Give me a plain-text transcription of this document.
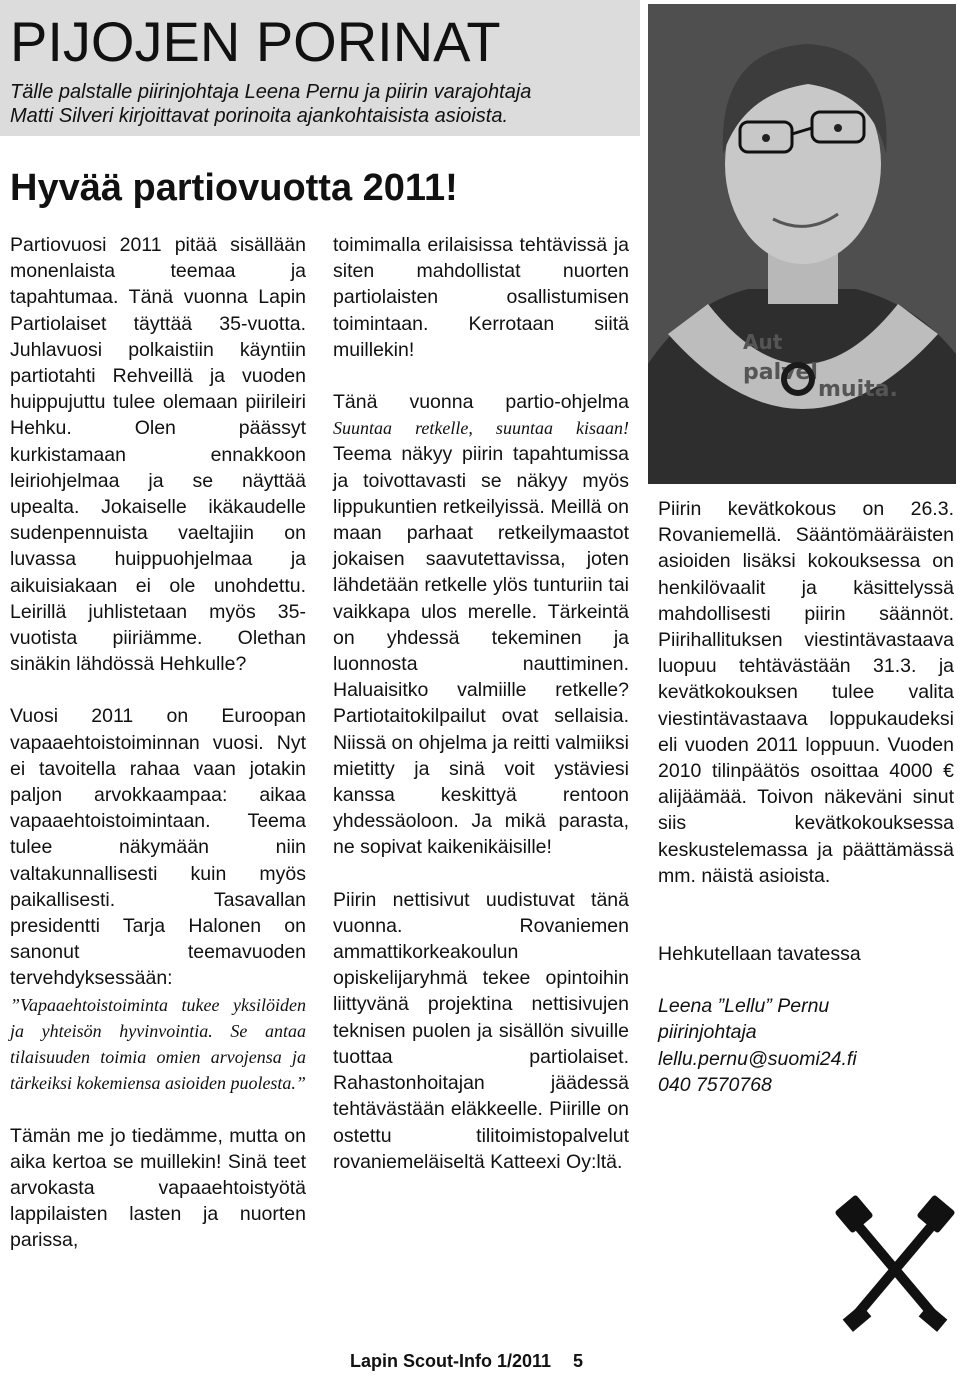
PIJOJEN PORINAT
Tälle palstalle piirinjohtaja Leena Pernu ja piirin varajohtaja
Matti Silveri kirjoittavat porinoita ajankohtaisista asioista.
Aut
palvel
muita.
Hyvää partiovuotta 2011!

Partiovuosi 2011 pitää sisällään monenlaista teemaa ja tapahtumaa. Tänä vuonna Lapin Partiolaiset täyttää 35-vuotta. Juhlavuosi polkaistiin käyntiin partiotahti Rehveillä ja vuoden huippujuttu tulee olemaan piirileiri Hehku. Olen päässyt kurkistamaan ennakkoon leiriohjelmaa ja se näyttää upealta. Jokaiselle ikäkaudelle sudenpennuista vaeltajiin on luvassa huippuohjelmaa ja aikuisiakaan ei ole unohdettu. Leirillä juhlistetaan myös 35-vuotista piiriämme. Olethan sinäkin lähdössä Hehkulle?

Vuosi 2011 on Euroopan vapaaehtoistoiminnan vuosi. Nyt ei tavoitella rahaa vaan jotakin paljon arvokkaampaa: aikaa vapaaehtoistoimintaan. Teema tulee näkymään niin valtakunnallisesti kuin myös paikallisesti. Tasavallan presidentti Tarja Halonen on sanonut teemavuoden tervehdyksessään:

”Vapaaehtoistoiminta tukee yksilöiden ja yhteisön hyvinvointia. Se antaa tilaisuuden toimia omien arvojensa ja tärkeiksi kokemiensa asioiden puolesta.”

Tämän me jo tiedämme, mutta on aika kertoa se muillekin! Sinä teet arvokasta vapaaehtoistyötä lappilaisten lasten ja nuorten parissa,

toimimalla erilaisissa tehtävissä ja siten mahdollistat nuorten partiolaisten osallistumisen toimintaan. Kerrotaan siitä muillekin!

Tänä vuonna partio-ohjelma Suuntaa retkelle, suuntaa kisaan! Teema näkyy piirin tapahtumissa ja toivottavasti se näkyy myös lippukuntien retkeilyissä. Meillä on maan parhaat retkeilymaastot jokaisen saavutettavissa, joten lähdetään retkelle ylös tunturiin tai vaikkapa ulos merelle. Tärkeintä on yhdessä tekeminen ja luonnosta nauttiminen. Haluaisitko valmiille retkelle? Partiotaitokilpailut ovat sellaisia. Niissä on ohjelma ja reitti valmiiksi mietitty ja sinä voit ystäviesi kanssa keskittyä rentoon yhdessäoloon. Ja mikä parasta, ne sopivat kaikenikäisille!

Piirin nettisivut uudistuvat tänä vuonna. Rovaniemen ammattikorkeakoulun opiskelijaryhmä tekee opintoihin liittyvänä projektina nettisivujen teknisen puolen ja sisällön sivuille tuottaa partiolaiset. Rahastonhoitajan jäädessä tehtävästään eläkkeelle. Piirille on ostettu tilitoimistopalvelut rovaniemeläiseltä Katteexi Oy:ltä.

Piirin kevätkokous on 26.3. Rovaniemellä. Sääntömääräisten asioiden lisäksi kokouksessa on henkilövaalit ja käsittelyssä mahdollisesti piirin säännöt. Piirihallituksen viestintävastaava luopuu tehtävästään 31.3. ja kevätkokouksen tulee valita viestintävastaava loppukaudeksi eli vuoden 2011 loppuun. Vuoden 2010 tilinpäätös osoittaa 4000 € alijäämää. Toivon näkeväni sinut siis kevätkokouksessa keskustelemassa ja päättämässä mm. näistä asioista.

Hehkutellaan tavatessa

Leena ”Lellu” Pernu
piirinjohtaja
lellu.pernu@suomi24.fi
040 7570768
Lapin Scout-Info 1/2011 5
